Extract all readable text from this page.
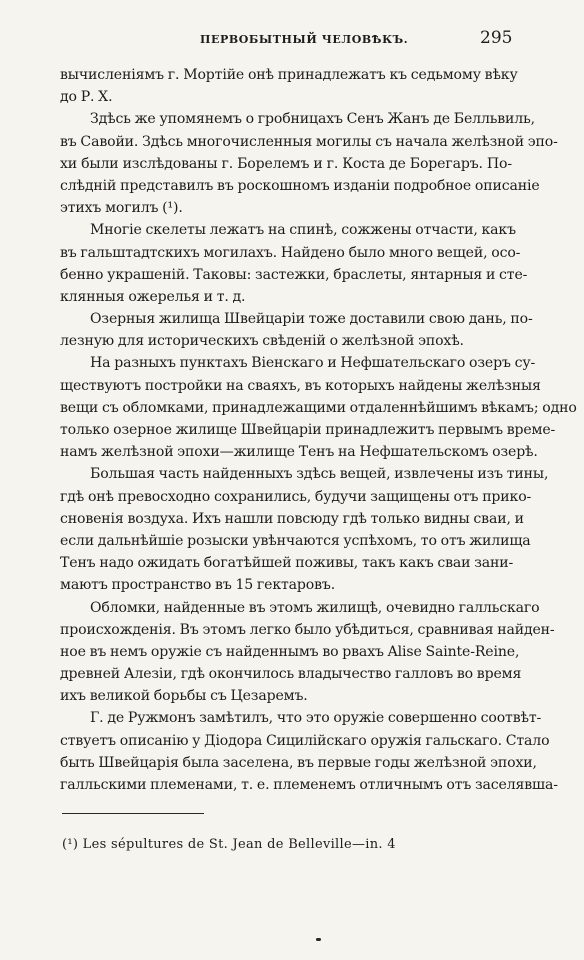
ПЕРВОБЫТНЫЙ ЧЕЛОВѢКЪ.	295
вычисленіямъ г. Мортійе онѣ принадлежатъ къ седьмому вѣку
до Р. Х.
Здѣсь же упомянемъ о гробницахъ Сенъ Жанъ де Белльвиль,
въ Савойи. Здѣсь многочисленныя могилы съ начала желѣзной эпо-
хи были изслѣдованы г. Борелемъ и г. Коста де Борегаръ. По-
слѣдній представилъ въ роскошномъ изданіи подробное описаніе
этихъ могилъ (¹).
Многіе скелеты лежатъ на спинѣ, сожжены отчасти, какъ
въ гальштадтскихъ могилахъ. Найдено было много вещей, осо-
бенно украшеній. Таковы: застежки, браслеты, янтарныя и сте-
клянныя ожерелья и т. д.
Озерныя жилища Швейцаріи тоже доставили свою дань, по-
лезную для историческихъ свѣденій о желѣзной эпохѣ.
На разныхъ пунктахъ Віенскаго и Нефшательскаго озеръ су-
ществуютъ постройки на сваяхъ, въ которыхъ найдены желѣзныя
вещи съ обломками, принадлежащими отдаленнѣйшимъ вѣкамъ; одно
только озерное жилище Швейцаріи принадлежитъ первымъ време-
намъ желѣзной эпохи—жилище Тенъ на Нефшательскомъ озерѣ.
Большая часть найденныхъ здѣсь вещей, извлечены изъ тины,
гдѣ онѣ превосходно сохранились, будучи защищены отъ прико-
сновенія воздуха. Ихъ нашли повсюду гдѣ только видны сваи, и
если дальнѣйшіе розыски увѣнчаются успѣхомъ, то отъ жилища
Тенъ надо ожидать богатѣйшей поживы, такъ какъ сваи зани-
маютъ пространство въ 15 гектаровъ.
Обломки, найденные въ этомъ жилищѣ, очевидно галльскаго
происхожденія. Въ этомъ легко было убѣдиться, сравнивая найден-
ное въ немъ оружіе съ найденнымъ во рвахъ Alise Sainte-Reine,
древней Алезіи, гдѣ окончилось владычество галловъ во время
ихъ великой борьбы съ Цезаремъ.
Г. де Ружмонъ замѣтилъ, что это оружіе совершенно соотвѣт-
ствуетъ описанію у Діодора Сицилійскаго оружія гальскаго. Стало
быть Швейцарія была заселена, въ первые годы желѣзной эпохи,
галльскими племенами, т. е. племенемъ отличнымъ отъ заселявша-
(¹) Les sépultures de St. Jean de Belleville—in. 4
